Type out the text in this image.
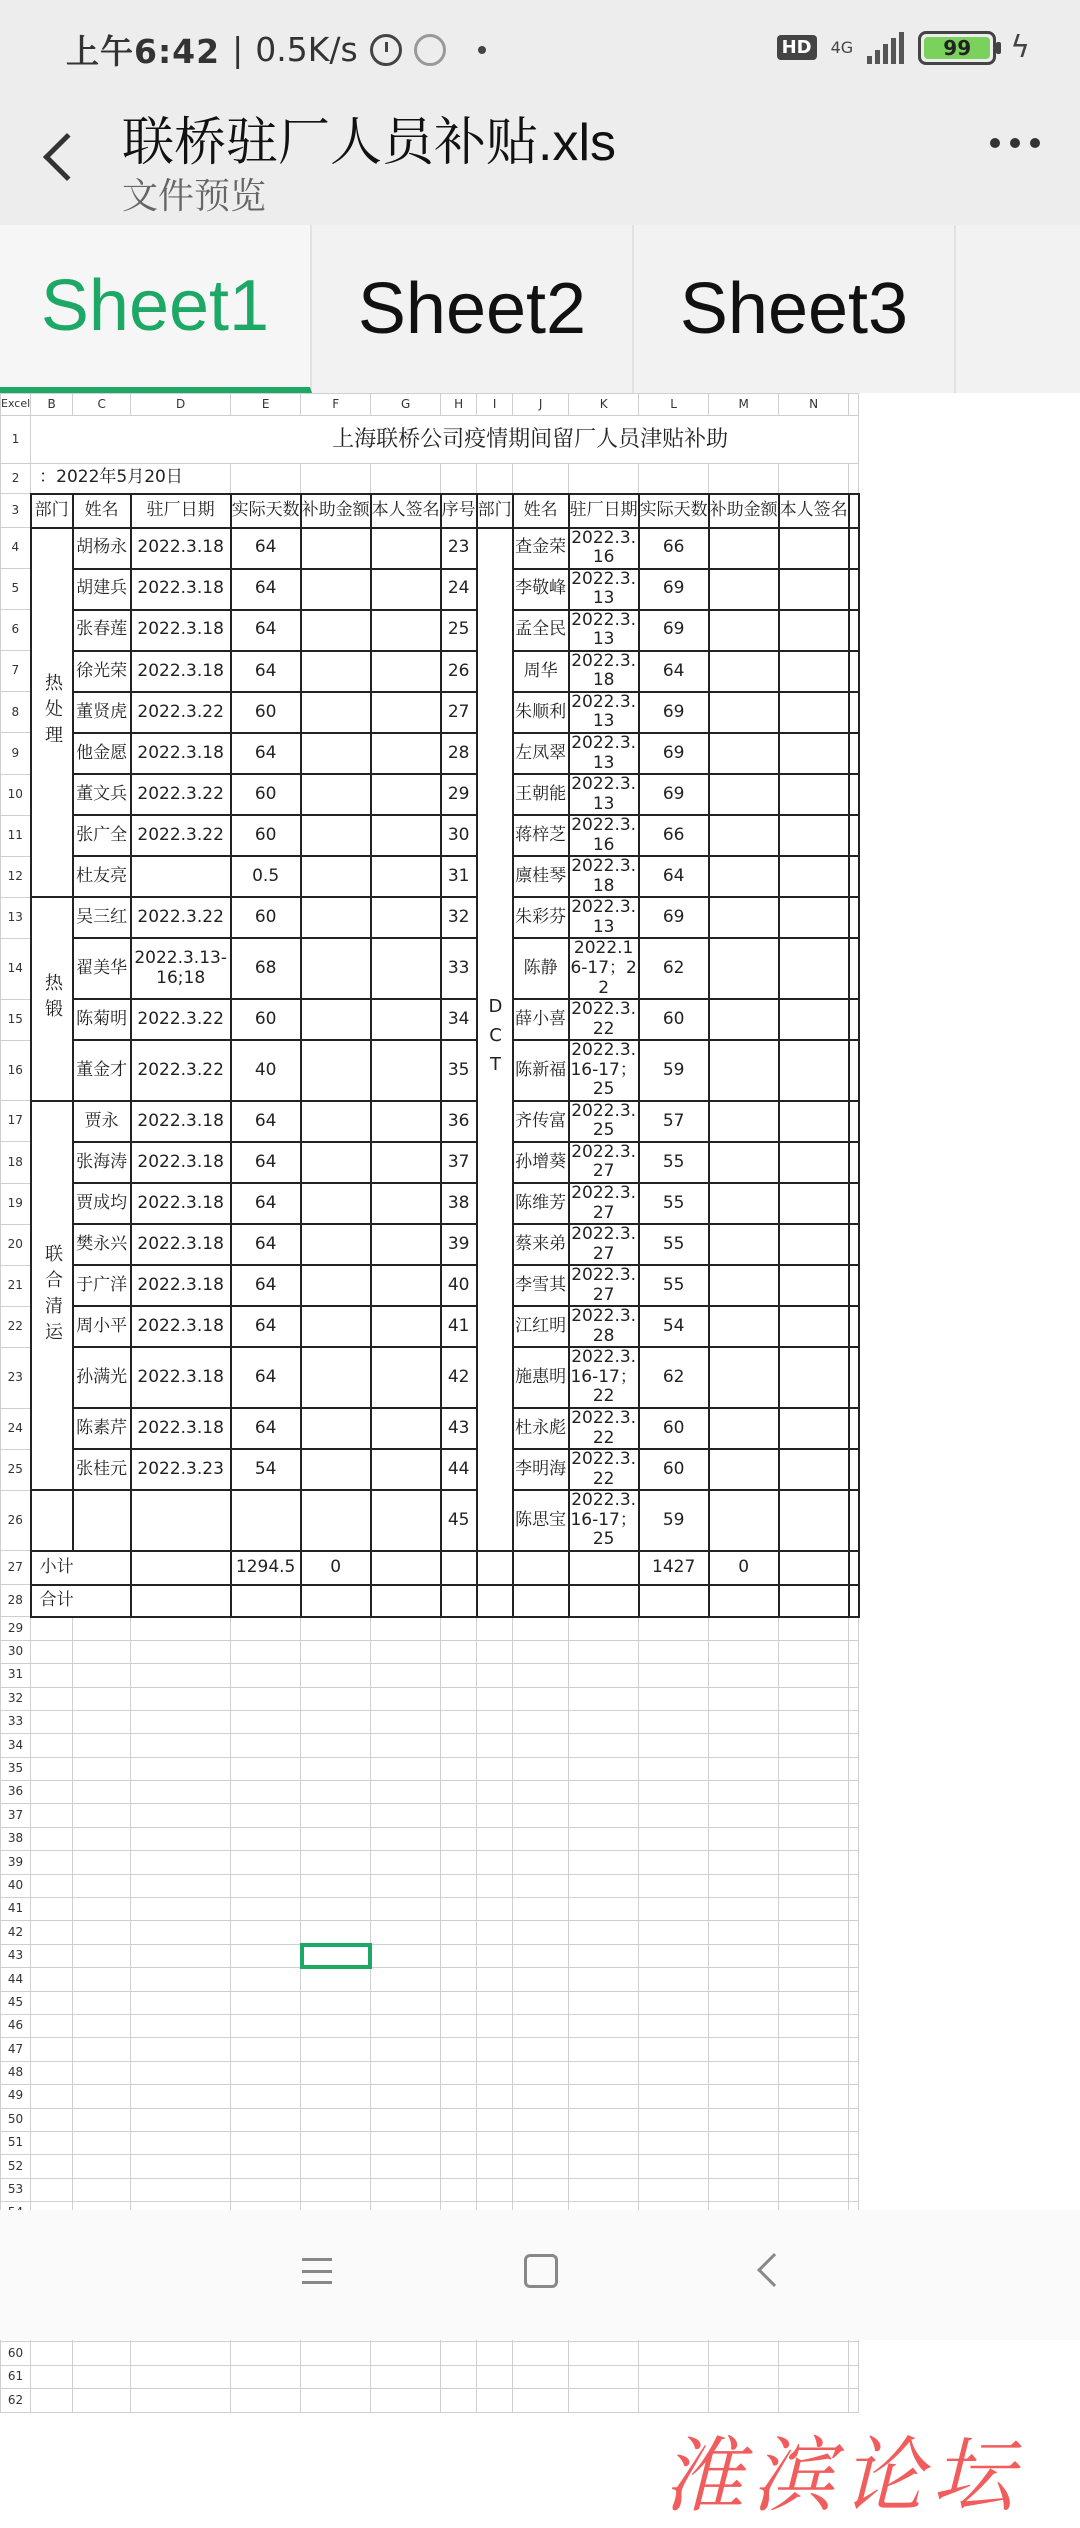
上午6:42 | 0.5K/s	HD	4G	99	ϟ
联桥驻厂人员补贴.xls
文件预览
Sheet1	Sheet2	Sheet3
Excel	B	C	D	E	F	G	H	I	J	K	L	M	N	
1	上海联桥公司疫情期间留厂人员津贴补助													
2	：2022年5月20日													
3	部门	姓名	驻厂日期	实际天数	补助金额	本人签名	序号	部门	姓名	驻厂日期	实际天数	补助金额	本人签名	
4	热处理	胡杨永	2022.3.18	64			23	DCT	查金荣	2022.3.16	66			
5		胡建兵	2022.3.18	64			24		李敬峰	2022.3.13	69			
6		张春莲	2022.3.18	64			25		孟全民	2022.3.13	69			
7		徐光荣	2022.3.18	64			26		周华	2022.3.18	64			
8		董贤虎	2022.3.22	60			27		朱顺利	2022.3.13	69			
9		他金愿	2022.3.18	64			28		左凤翠	2022.3.13	69			
10		董文兵	2022.3.22	60			29		王朝能	2022.3.13	69			
11		张广全	2022.3.22	60			30		蒋梓芝	2022.3.16	66			
12		杜友亮		0.5			31		廪桂琴	2022.3.18	64			
13	热锻	吴三红	2022.3.22	60			32		朱彩芬	2022.3.13	69			
14		翟美华	2022.3.13-16;18	68			33		陈静	2022.16-17；22	62			
15		陈菊明	2022.3.22	60			34		薛小喜	2022.3.22	60			
16		董金才	2022.3.22	40			35		陈新福	2022.3.16-17；25	59			
17	联合清运	贾永	2022.3.18	64			36		齐传富	2022.3.25	57			
18		张海涛	2022.3.18	64			37		孙增葵	2022.3.27	55			
19		贾成均	2022.3.18	64			38		陈维芳	2022.3.27	55			
20		樊永兴	2022.3.18	64			39		蔡来弟	2022.3.27	55			
21		于广洋	2022.3.18	64			40		李雪其	2022.3.27	55			
22		周小平	2022.3.18	64			41		江红明	2022.3.28	54			
23		孙满光	2022.3.18	64			42		施惠明	2022.3.16-17；22	62			
24		陈素芹	2022.3.18	64			43		杜永彪	2022.3.22	60			
25		张桂元	2022.3.23	54			44		李明海	2022.3.22	60			
26							45		陈思宝	2022.3.16-17；25	59			
27	小计			1294.5	0						1427	0		
28	合计													
29														
30														
31														
32														
33														
34														
35														
36														
37														
38														
39														
40														
41														
42														
43														
44														
45														
46														
47														
48														
49														
50														
51														
52														
53														

60														
61														
62														
淮滨论坛
